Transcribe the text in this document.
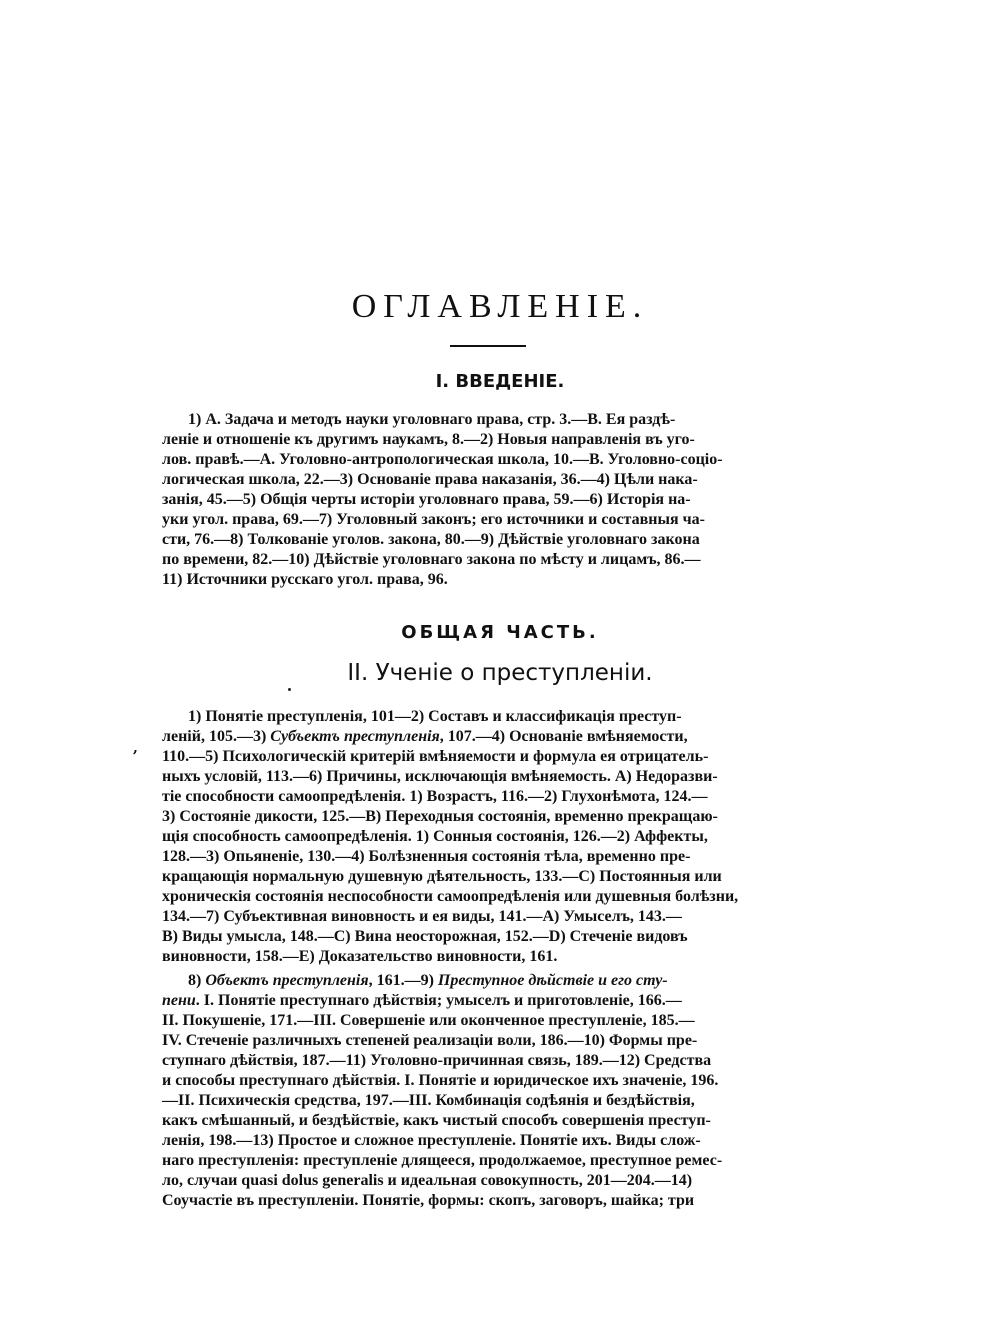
ОГЛАВЛЕНІЕ.
І. ВВЕДЕНІЕ.
1) А. Задача и методъ науки уголовнаго права, стр. 3.—В. Ея раздѣ-
леніе и отношеніе къ другимъ наукамъ, 8.—2) Новыя направленія въ уго-
лов. правѣ.—А. Уголовно-антропологическая школа, 10.—В. Уголовно-соціо-
логическая школа, 22.—3) Основаніе права наказанія, 36.—4) Цѣли нака-
занія, 45.—5) Общія черты исторіи уголовнаго права, 59.—6) Исторія на-
уки угол. права, 69.—7) Уголовный законъ; его источники и составныя ча-
сти, 76.—8) Толкованіе уголов. закона, 80.—9) Дѣйствіе уголовнаго закона
по времени, 82.—10) Дѣйствіе уголовнаго закона по мѣсту и лицамъ, 86.—
11) Источники русскаго угол. права, 96.
ОБЩАЯ ЧАСТЬ.
ІІ. Ученіе о преступленіи.
,
1) Понятіе преступленія, 101—2) Составъ и классификація преступ-
леній, 105.—3) Субъектъ преступленія, 107.—4) Основаніе вмѣняемости,
110.—5) Психологическій критерій вмѣняемости и формула ея отрицатель-
ныхъ условій, 113.—6) Причины, исключающія вмѣняемость. А) Недоразви-
тіе способности самоопредѣленія. 1) Возрастъ, 116.—2) Глухонѣмота, 124.—
3) Состояніе дикости, 125.—В) Переходныя состоянія, временно прекращаю-
щія способность самоопредѣленія. 1) Сонныя состоянія, 126.—2) Аффекты,
128.—3) Опьяненіе, 130.—4) Болѣзненныя состоянія тѣла, временно пре-
кращающія нормальную душевную дѣятельность, 133.—С) Постоянныя или
хроническія состоянія неспособности самоопредѣленія или душевныя болѣзни,
134.—7) Субъективная виновность и ея виды, 141.—А) Умыселъ, 143.—
В) Виды умысла, 148.—С) Вина неосторожная, 152.—D) Стеченіе видовъ
виновности, 158.—Е) Доказательство виновности, 161.
8) Объектъ преступленія, 161.—9) Преступное дѣйствіе и его сту-
пени. I. Понятіе преступнаго дѣйствія; умыселъ и приготовленіе, 166.—
II. Покушеніе, 171.—III. Совершеніе или оконченное преступленіе, 185.—
IV. Стеченіе различныхъ степеней реализаціи воли, 186.—10) Формы пре-
ступнаго дѣйствія, 187.—11) Уголовно-причинная связь, 189.—12) Средства
и способы преступнаго дѣйствія. I. Понятіе и юридическое ихъ значеніе, 196.
—II. Психическія средства, 197.—III. Комбинація содѣянія и бездѣйствія,
какъ смѣшанный, и бездѣйствіе, какъ чистый способъ совершенія преступ-
ленія, 198.—13) Простое и сложное преступленіе. Понятіе ихъ. Виды слож-
наго преступленія: преступленіе длящееся, продолжаемое, преступное ремес-
ло, случаи quasi dolus generalis и идеальная совокупность, 201—204.—14)
Соучастіе въ преступленіи. Понятіе, формы: скопъ, заговоръ, шайка; три
